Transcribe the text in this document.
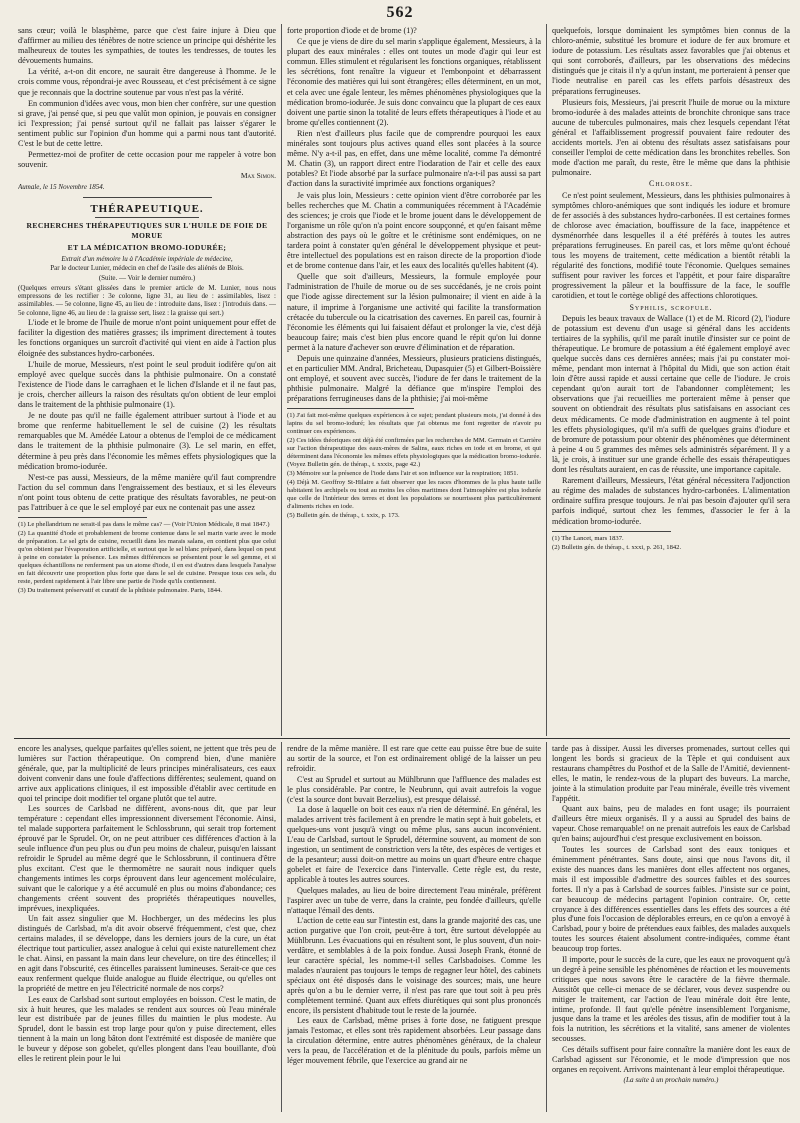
562

sans cœur; voilà le blasphème, parce que c'est faire injure à Dieu que d'affirmer au milieu des ténèbres de notre science un principe qui déshérite les malheureux de toutes les sympathies, de toutes les tendresses, de toutes les dévouements humains.

La vérité, a-t-on dit encore, ne saurait être dangereuse à l'homme. Je le crois comme vous, répondrai-je avec Rousseau, et c'est précisément à ce signe que je reconnais que la doctrine soutenue par vous n'est pas la vérité.

En communion d'idées avec vous, mon bien cher confrère, sur une question si grave, j'ai pensé que, si peu que valût mon opinion, je pouvais en consigner ici l'expression; j'ai pensé surtout qu'il ne fallait pas laisser s'égarer le sentiment public sur l'opinion d'un homme qui a parmi nous tant d'autorité. C'est le but de cette lettre.

Permettez-moi de profiter de cette occasion pour me rappeler à votre bon souvenir.

Max Simon.

Aumale, le 15 Novembre 1854.

THÉRAPEUTIQUE.
RECHERCHES THÉRAPEUTIQUES SUR L'HUILE DE FOIE DE MORUE
ET LA MÉDICATION BROMO-IODURÉE;

Extrait d'un mémoire lu à l'Académie impériale de médecine,

Par le docteur Lunier, médecin en chef de l'asile des aliénés de Blois.

(Suite. — Voir le dernier numéro.)

(Quelques erreurs s'étant glissées dans le premier article de M. Lunier, nous nous empressons de les rectifier : 3e colonne, ligne 31, au lieu de : assimilables, lisez : assimilables. — 5e colonne, ligne 45, au lieu de : introduite dans, lisez : j'introduis dans. — 5e colonne, ligne 46, au lieu de : la graisse sert, lisez : la graisse qui sert.)

L'iode et le brome de l'huile de morue n'ont point uniquement pour effet de faciliter la digestion des matières grasses; ils impriment directement à toutes les fonctions organiques un surcroît d'activité qui vient en aide à l'action plus éloignée des substances hydro-carbonées.

L'huile de morue, Messieurs, n'est point le seul produit iodifère qu'on ait employé avec quelque succès dans la phthisie pulmonaire. On a constaté l'existence de l'iode dans le carraghaen et le lichen d'Islande et il ne faut pas, je crois, chercher ailleurs la raison des résultats qu'on obtient de leur emploi dans le traitement de la phthisie pulmonaire (1).

Je ne doute pas qu'il ne faille également attribuer surtout à l'iode et au brome que renferme habituellement le sel de cuisine (2) les résultats remarquables que M. Amédée Latour a obtenus de l'emploi de ce médicament dans le traitement de la phthisie pulmonaire (3). Le sel marin, en effet, détermine à peu près dans l'économie les mêmes effets physiologiques que la médication bromo-iodurée.

N'est-ce pas aussi, Messieurs, de la même manière qu'il faut comprendre l'action du sel commun dans l'engraissement des bestiaux, et si les éleveurs n'ont point tous obtenu de cette pratique des résultats favorables, ne peut-on pas l'attribuer à ce que le sel employé par eux ne contenait pas une assez

(1) Le phellandrium ne serait-il pas dans le même cas? — (Voir l'Union Médicale, 8 mai 1847.)

(2) La quantité d'iode et probablement de brome contenue dans le sel marin varie avec le mode de préparation. Le sel gris de cuisine, recueilli dans les marais salans, en contient plus que celui qu'on obtient par l'évaporation artificielle, et surtout que le sel blanc préparé, dans lequel on peut à peine en constater la présence. Les mêmes différences se présentent pour le sel gemme, et si quelques échantillons ne renferment pas un atome d'iode, il en est d'autres dans lesquels l'analyse en fait découvrir une proportion plus forte que dans le sel de cuisine. Presque tous ces sels, du reste, perdent rapidement à l'air libre une partie de l'iode qu'ils contiennent.

(3) Du traitement préservatif et curatif de la phthisie pulmonaire. Paris, 1844.

forte proportion d'iode et de brome (1)?

Ce que je viens de dire du sel marin s'applique également, Messieurs, à la plupart des eaux minérales : elles ont toutes un mode d'agir qui leur est commun. Elles stimulent et régularisent les fonctions organiques, rétablissent les sécrétions, font renaître la vigueur et l'embonpoint et débarrassent l'économie des matières qui lui sont étrangères; elles déterminent, en un mot, et cela avec une égale lenteur, les mêmes phénomènes physiologiques que la médication bromo-iodurée. Je suis donc convaincu que la plupart de ces eaux doivent une partie sinon la totalité de leurs effets thérapeutiques à l'iode et au brome qu'elles contiennent (2).

Rien n'est d'ailleurs plus facile que de comprendre pourquoi les eaux minérales sont toujours plus actives quand elles sont placées à la source même. N'y a-t-il pas, en effet, dans une même localité, comme l'a démontré M. Chatin (3), un rapport direct entre l'iodaration de l'air et celle des eaux potables? Et l'iode absorbé par la surface pulmonaire n'a-t-il pas aussi sa part d'action dans la suractivité imprimée aux fonctions organiques?

Je vais plus loin, Messieurs : cette opinion vient d'être corroborée par les belles recherches que M. Chatin a communiquées récemment à l'Académie des sciences; je crois que l'iode et le brome jouent dans le développement de l'organisme un rôle qu'on n'a point encore soupçonné, et qu'en faisant même abstraction des pays où le goître et le crétinisme sont endémiques, on ne tardera point à constater qu'en général le développement physique et peut-être intellectuel des populations est en raison directe de la proportion d'iode et de brome contenue dans l'air, et les eaux des localités qu'elles habitent (4).

Quelle que soit d'ailleurs, Messieurs, la formule employée pour l'administration de l'huile de morue ou de ses succédanés, je ne crois point que l'iode agisse directement sur la lésion pulmonaire; il vient en aide à la nature, il imprime à l'organisme une activité qui facilite la transformation crétacée du tubercule ou la cicatrisation des cavernes. En pareil cas, fournir à l'économie les éléments qui lui faisaient défaut et prolonger la vie, c'est déjà beaucoup faire; mais c'est bien plus encore quand le répit qu'on lui donne permet à la nature d'achever son œuvre d'élimination et de réparation.

Depuis une quinzaine d'années, Messieurs, plusieurs praticiens distingués, et en particulier MM. Andral, Bricheteau, Dupasquier (5) et Gilbert-Boissière ont employé, et souvent avec succès, l'iodure de fer dans le traitement de la phthisie pulmonaire. Malgré la défiance que m'inspire l'emploi des préparations ferrugineuses dans de la phthisie; j'ai moi-même

(1) J'ai fait moi-même quelques expériences à ce sujet; pendant plusieurs mois, j'ai donné à des lapins du sel bromo-ioduré; les résultats que j'ai obtenus me font regretter de n'avoir pu continuer ces expériences.

(2) Ces idées théoriques ont déjà été confirmées par les recherches de MM. Germain et Carrière sur l'action thérapeutique des eaux-mères de Salins, eaux riches en iode et en brome, et qui déterminent dans l'économie les mêmes effets physiologiques que la médication bromo-iodurée. (Voyez Bulletin gén. de thérap., t. xxxix, page 42.)

(3) Mémoire sur la présence de l'iode dans l'air et son influence sur la respiration; 1851.

(4) Déjà M. Geoffroy St-Hilaire a fait observer que les races d'hommes de la plus haute taille habitaient les archipels ou tout au moins les côtes maritimes dont l'atmosphère est plus iodurée que celle de l'intérieur des terres et dont les populations se nourrissent plus particulièrement d'aliments riches en iode.

(5) Bulletin gén. de thérap., t. xxix, p. 173.

quelquefois, lorsque dominaient les symptômes bien connus de la chloro-anémie, substitué les bromure et iodure de fer aux bromure et iodure de potassium. Les résultats assez favorables que j'ai obtenus et qui sont corroborés, d'ailleurs, par les observations des médecins distingués que je citais il n'y a qu'un instant, me porteraient à penser que l'iode neutralise en pareil cas les effets parfois désastreux des préparations ferrugineuses.

Plusieurs fois, Messieurs, j'ai prescrit l'huile de morue ou la mixture bromo-iodurée à des malades atteints de bronchite chronique sans trace aucune de tubercules pulmonaires, mais chez lesquels cependant l'état général et l'affaiblissement progressif pouvaient faire redouter des accidents mortels. J'en ai obtenu des résultats assez satisfaisans pour conseiller l'emploi de cette médication dans les bronchites rebelles. Son mode d'action me paraît, du reste, être le même que dans la phthisie pulmonaire.

Chlorose.

Ce n'est point seulement, Messieurs, dans les phthisies pulmonaires à symptômes chloro-anémiques que sont indiqués les iodure et bromure de fer associés à des substances hydro-carbonées. Il est certaines formes de chlorose avec émaciation, bouffissure de la face, inappétence et dysménorrhée dans lesquelles il a été préférés à toutes les autres préparations ferrugineuses. En pareil cas, et lors même qu'ont échoué tous les moyens de traitement, cette médication a bientôt rétabli la régularité des fonctions, modifié toute l'économie. Quelques semaines suffisent pour raviver les forces et l'appétit, et pour faire disparaître progressivement la pâleur et la bouffissure de la face, le souffle carotidien, et tout le cortège obligé des affections chlorotiques.

Syphilis, scrofule.

Depuis les beaux travaux de Wallace (1) et de M. Ricord (2), l'iodure de potassium est devenu d'un usage si général dans les accidents tertiaires de la syphilis, qu'il me paraît inutile d'insister sur ce point de thérapeutique. Le bromure de potassium a été également employé avec quelque succès dans ces dernières années; mais j'ai pu constater moi-même, pendant mon internat à l'hôpital du Midi, que son action était loin d'être aussi rapide et aussi certaine que celle de l'iodure. Je crois cependant qu'on aurait tort de l'abandonner complètement; les observations que j'ai recueillies me porteraient même à penser que souvent on obtiendrait des résultats plus satisfaisans en associant ces deux médicaments. Ce mode d'administration en augmente à tel point les effets physiologiques, qu'il m'a suffi de quelques grains d'iodure et de bromure de potassium pour obtenir des phénomènes que déterminent à peine 4 ou 5 grammes des mêmes sels administrés séparément. Il y a là, je crois, à instituer sur une grande échelle des essais thérapeutiques dont les résultats auraient, en cas de réussite, une importance capitale.

Rarement d'ailleurs, Messieurs, l'état général nécessitera l'adjonction au régime des malades de substances hydro-carbonées. L'alimentation ordinaire suffira presque toujours. Je n'ai pas besoin d'ajouter qu'il sera parfois indiqué, surtout chez les femmes, d'associer le fer à la médication bromo-iodurée.

(1) The Lancet, mars 1837.

(2) Bulletin gén. de thérap., t. xxxi, p. 261, 1842.

encore les analyses, quelque parfaites qu'elles soient, ne jettent que très peu de lumières sur l'action thérapeutique. On comprend bien, d'une manière générale, que, par la multiplicité de leurs principes minéralisateurs, ces eaux doivent convenir dans une foule d'affections différentes; seulement, quand on arrive aux applications cliniques, il est impossible d'établir avec certitude en quoi tel principe doit modifier tel organe plutôt que tel autre.

Les sources de Carlsbad ne diffèrent, avons-nous dit, que par leur température : cependant elles impressionnent diversement l'économie. Ainsi, tel malade supportera parfaitement le Schlossbrunn, qui serait trop fortement éprouvé par le Sprudel. Or, on ne peut attribuer ces différences d'action à la seule influence d'un peu plus ou d'un peu moins de chaleur, puisqu'en laissant refroidir le Sprudel au même degré que le Schlossbrunn, il continuera d'être plus excitant. C'est que le thermomètre ne saurait nous indiquer quels changements intimes les corps éprouvent dans leur agencement moléculaire, suivant que le calorique y a été accumulé en plus ou moins d'abondance; ces changements créent souvent des propriétés thérapeutiques nouvelles, imprévues, inexpliquées.

Un fait assez singulier que M. Hochberger, un des médecins les plus distingués de Carlsbad, m'a dit avoir observé fréquemment, c'est que, chez certains malades, il se développe, dans les derniers jours de la cure, un état électrique tout particulier, assez analogue à celui qui existe naturellement chez le chat. Ainsi, en passant la main dans leur chevelure, on tire des étincelles; il en agit dans l'obscurité, ces étincelles paraissent lumineuses. Serait-ce que ces eaux renferment quelque fluide analogue au fluide électrique, ou qu'elles ont la propriété de mettre en jeu l'électricité normale de nos corps?

Les eaux de Carlsbad sont surtout employées en boisson. C'est le matin, de six à huit heures, que les malades se rendent aux sources où l'eau minérale leur est distribuée par de jeunes filles du maintien le plus modeste. Au Sprudel, dont le bassin est trop large pour qu'on y puise directement, elles tiennent à la main un long bâton dont l'extrémité est disposée de manière que le buveur y dépose son gobelet, qu'elles plongent dans l'eau bouillante, d'où elles le retirent plein pour le lui

rendre de la même manière. Il est rare que cette eau puisse être bue de suite au sortir de la source, et l'on est ordinairement obligé de la laisser un peu refroidir.

C'est au Sprudel et surtout au Mühlbrunn que l'affluence des malades est le plus considérable. Par contre, le Neubrunn, qui avait autrefois la vogue (c'est la source dont buvait Berzelius), est presque délaissé.

La dose à laquelle on boit ces eaux n'a rien de déterminé. En général, les malades arrivent très facilement à en prendre le matin sept à huit gobelets, et quelques-uns vont jusqu'à vingt ou même plus, sans aucun inconvénient. L'eau de Carlsbad, surtout le Sprudel, détermine souvent, au moment de son ingestion, un sentiment de constriction vers la tête, des espèces de vertiges et de la pesanteur; aussi doit-on mettre au moins un quart d'heure entre chaque gobelet et faire de l'exercice dans l'intervalle. Cette règle est, du reste, applicable à toutes les autres sources.

Quelques malades, au lieu de boire directement l'eau minérale, préfèrent l'aspirer avec un tube de verre, dans la crainte, peu fondée d'ailleurs, qu'elle n'attaque l'émail des dents.

L'action de cette eau sur l'intestin est, dans la grande majorité des cas, une action purgative que l'on croit, peut-être à tort, être surtout développée au Mühlbrunn. Les évacuations qui en résultent sont, le plus souvent, d'un noir-verdâtre, et semblables à de la poix fondue. Aussi Joseph Frank, étonné de leur caractère spécial, les nomme-t-il selles Carlsbadoises. Comme les malades n'auraient pas toujours le temps de regagner leur hôtel, des cabinets spéciaux ont été disposés dans le voisinage des sources; mais, une heure après qu'on a bu le dernier verre, il n'est pas rare que tout soit à peu près complètement terminé. Quant aux effets diurétiques qui sont plus prononcés encore, ils persistent d'habitude tout le reste de la journée.

Les eaux de Carlsbad, même prises à forte dose, ne fatiguent presque jamais l'estomac, et elles sont très rapidement absorbées. Leur passage dans la circulation détermine, entre autres phénomènes généraux, de la chaleur vers la peau, de l'accélération et de la plénitude du pouls, parfois même un léger mouvement fébrile, que l'exercice au grand air ne

tarde pas à dissiper. Aussi les diverses promenades, surtout celles qui longent les bords si gracieux de la Tèple et qui conduisent aux restaurans champêtres du Posthof et de la Salle de l'Amitié, deviennent-elles, le matin, le rendez-vous de la plupart des buveurs. La marche, jointe à la stimulation produite par l'eau minérale, éveille très vivement l'appétit.

Quant aux bains, peu de malades en font usage; ils pourraient d'ailleurs être mieux organisés. Il y a aussi au Sprudel des bains de vapeur. Chose remarquable! on ne prenait autrefois les eaux de Carlsbad qu'en bains; aujourd'hui c'est presque exclusivement en boisson.

Toutes les sources de Carlsbad sont des eaux toniques et éminemment pénétrantes. Sans doute, ainsi que nous l'avons dit, il existe des nuances dans les manières dont elles affectent nos organes, mais il est impossible d'admettre des sources faibles et des sources fortes. Il n'y a pas à Carlsbad de sources faibles. J'insiste sur ce point, car beaucoup de médecins partagent l'opinion contraire. Or, cette croyance à des différences essentielles dans les effets des sources a été plus d'une fois l'occasion de déplorables erreurs, en ce qu'on a envoyé à Carlsbad, pour y boire de prétendues eaux faibles, des malades auxquels toutes les sources étaient absolument contre-indiquées, comme étant beaucoup trop fortes.

Il importe, pour le succès de la cure, que les eaux ne provoquent qu'à un degré à peine sensible les phénomènes de réaction et les mouvements critiques que nous savons être le caractère de la fièvre thermale. Aussitôt que celle-ci menace de se déclarer, vous devez suspendre ou mitiger le traitement, car l'action de l'eau minérale doit être lente, intime, profonde. Il faut qu'elle pénètre insensiblement l'organisme, jusque dans la trame et les aréoles des tissus, afin de modifier tout à la fois la nutrition, les sécrétions et la vitalité, sans amener de violentes secousses.

Ces détails suffisent pour faire connaître la manière dont les eaux de Carlsbad agissent sur l'économie, et le mode d'impression que nos organes en reçoivent. Arrivons maintenant à leur emploi thérapeutique.

(La suite à un prochain numéro.)
